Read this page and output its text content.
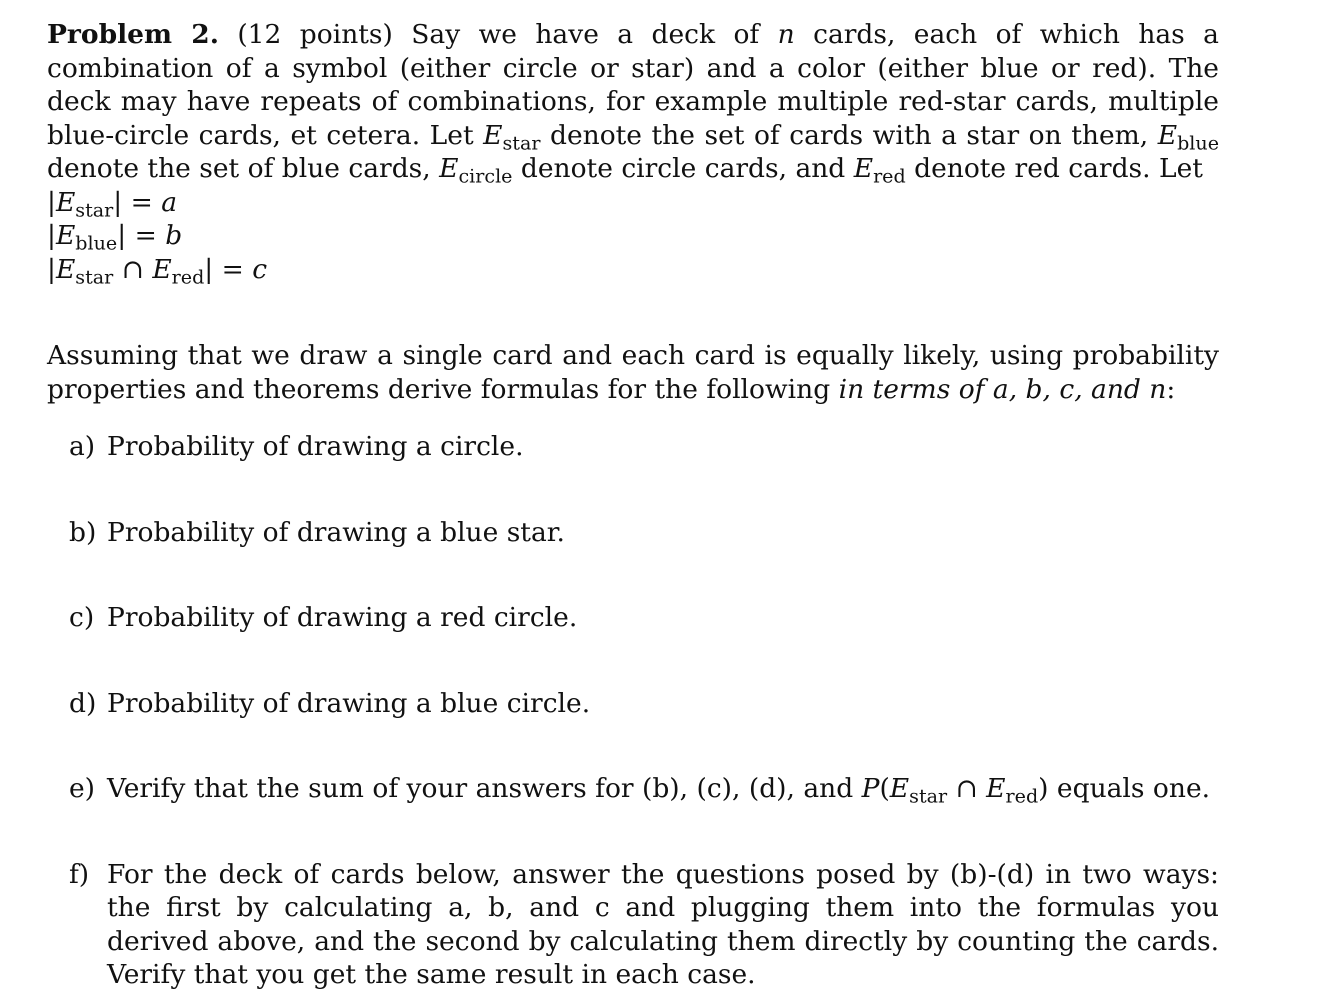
Problem 2. (12 points) Say we have a deck of n cards, each of which has a combination of a symbol (either circle or star) and a color (either blue or red). The deck may have repeats of combinations, for example multiple red-star cards, multiple blue-circle cards, et cetera. Let $E_{star}$ denote the set of cards with a star on them, $E_{blue}$ denote the set of blue cards, $E_{circle}$ denote circle cards, and $E_{red}$ denote red cards. Let

$|E_{star}| = a$
$|E_{blue}| = b$
$|E_{star}$ ∩ $E_{red}| = c$

Assuming that we draw a single card and each card is equally likely, using probability properties and theorems derive formulas for the following in terms of a, b, c, and n:

a) Probability of drawing a circle.
b) Probability of drawing a blue star.
c) Probability of drawing a red circle.
d) Probability of drawing a blue circle.
e) Verify that the sum of your answers for (b), (c), (d), and $P(E_{star}$ ∩ $E_{red}$) equals one.
f) For the deck of cards below, answer the questions posed by (b)-(d) in two ways: the first by calculating a, b, and c and plugging them into the formulas you derived above, and the second by calculating them directly by counting the cards. Verify that you get the same result in each case.
